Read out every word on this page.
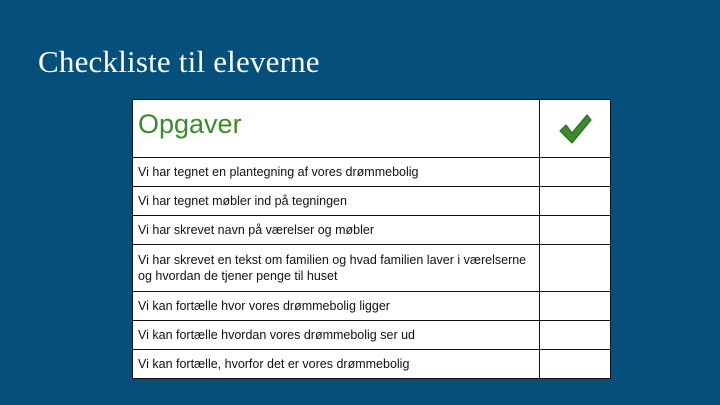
Checkliste til eleverne
Opgaver	

Vi har tegnet en plantegning af vores drømmebolig	
Vi har tegnet møbler ind på tegningen	
Vi har skrevet navn på værelser og møbler	
Vi har skrevet en tekst om familien og hvad familien laver i værelserne og hvordan de tjener penge til huset	
Vi kan fortælle hvor vores drømmebolig ligger	
Vi kan fortælle hvordan vores drømmebolig ser ud	
Vi kan fortælle, hvorfor det er vores drømmebolig	
